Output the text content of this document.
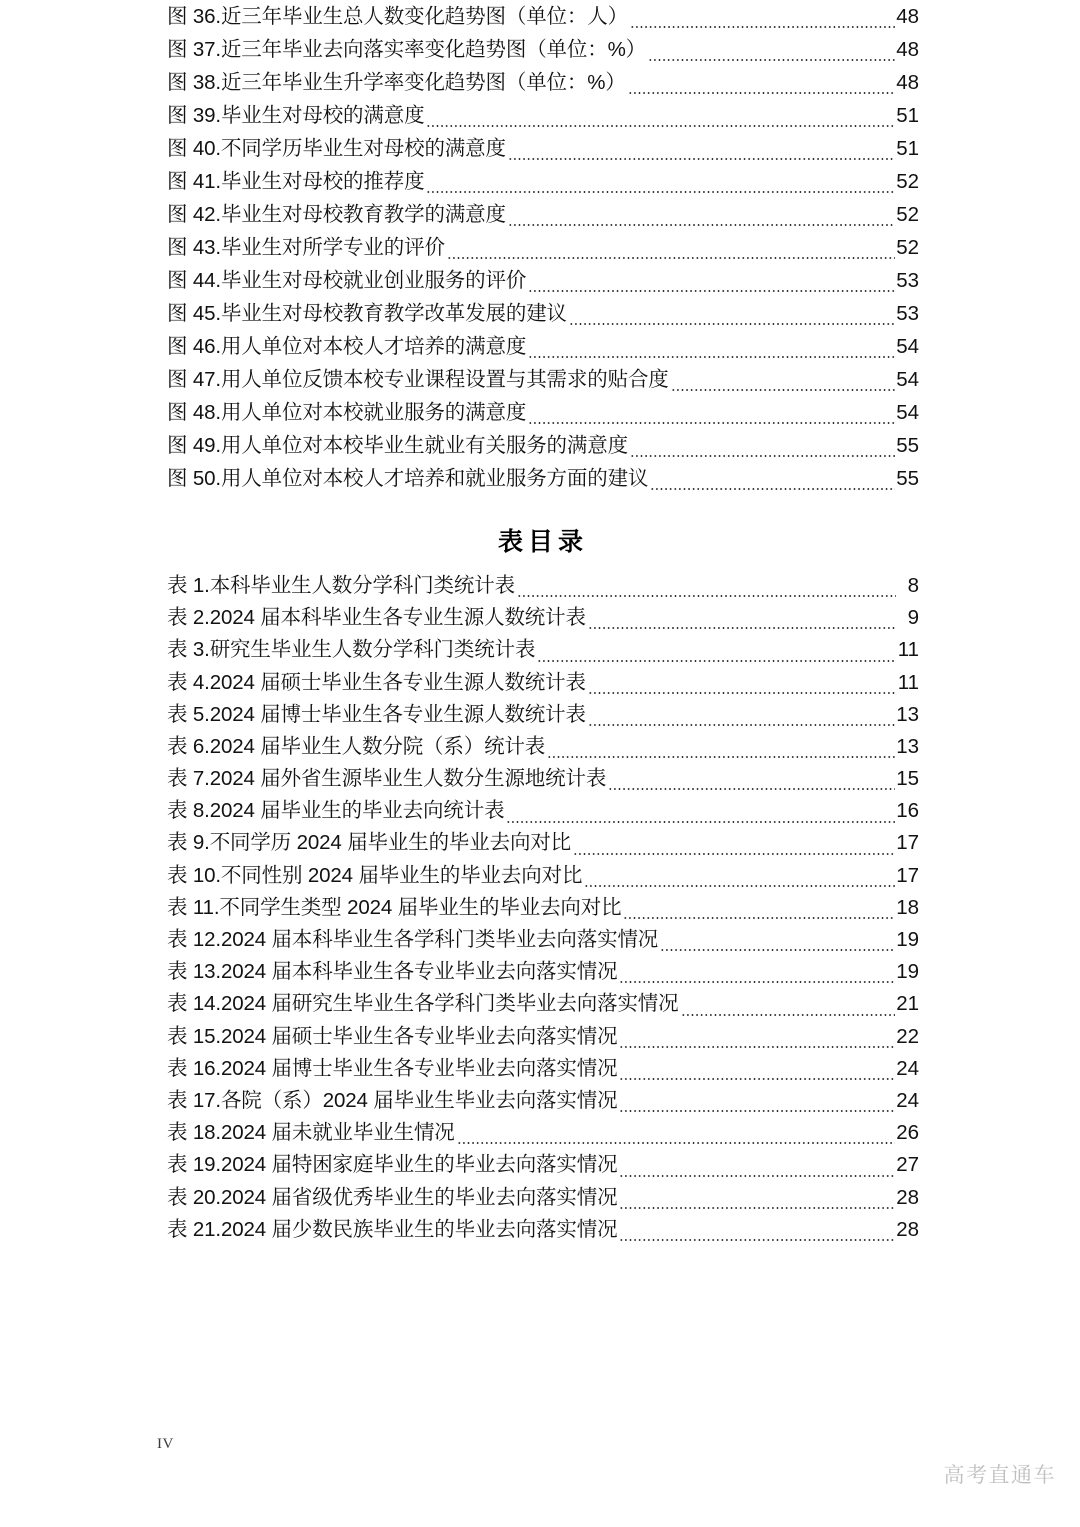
图 36.近三年毕业生总人数变化趋势图（单位：人）	48
图 37.近三年毕业去向落实率变化趋势图（单位：%）	48
图 38.近三年毕业生升学率变化趋势图（单位：%）	48
图 39.毕业生对母校的满意度	51
图 40.不同学历毕业生对母校的满意度	51
图 41.毕业生对母校的推荐度	52
图 42.毕业生对母校教育教学的满意度	52
图 43.毕业生对所学专业的评价	52
图 44.毕业生对母校就业创业服务的评价	53
图 45.毕业生对母校教育教学改革发展的建议	53
图 46.用人单位对本校人才培养的满意度	54
图 47.用人单位反馈本校专业课程设置与其需求的贴合度	54
图 48.用人单位对本校就业服务的满意度	54
图 49.用人单位对本校毕业生就业有关服务的满意度	55
图 50.用人单位对本校人才培养和就业服务方面的建议	55
表目录
表 1.本科毕业生人数分学科门类统计表	8
表 2.2024 届本科毕业生各专业生源人数统计表	9
表 3.研究生毕业生人数分学科门类统计表	11
表 4.2024 届硕士毕业生各专业生源人数统计表	11
表 5.2024 届博士毕业生各专业生源人数统计表	13
表 6.2024 届毕业生人数分院（系）统计表	13
表 7.2024 届外省生源毕业生人数分生源地统计表	15
表 8.2024 届毕业生的毕业去向统计表	16
表 9.不同学历 2024 届毕业生的毕业去向对比	17
表 10.不同性别 2024 届毕业生的毕业去向对比	17
表 11.不同学生类型 2024 届毕业生的毕业去向对比	18
表 12.2024 届本科毕业生各学科门类毕业去向落实情况	19
表 13.2024 届本科毕业生各专业毕业去向落实情况	19
表 14.2024 届研究生毕业生各学科门类毕业去向落实情况	21
表 15.2024 届硕士毕业生各专业毕业去向落实情况	22
表 16.2024 届博士毕业生各专业毕业去向落实情况	24
表 17.各院（系）2024 届毕业生毕业去向落实情况	24
表 18.2024 届未就业毕业生情况	26
表 19.2024 届特困家庭毕业生的毕业去向落实情况	27
表 20.2024 届省级优秀毕业生的毕业去向落实情况	28
表 21.2024 届少数民族毕业生的毕业去向落实情况	28
IV
高考直通车
